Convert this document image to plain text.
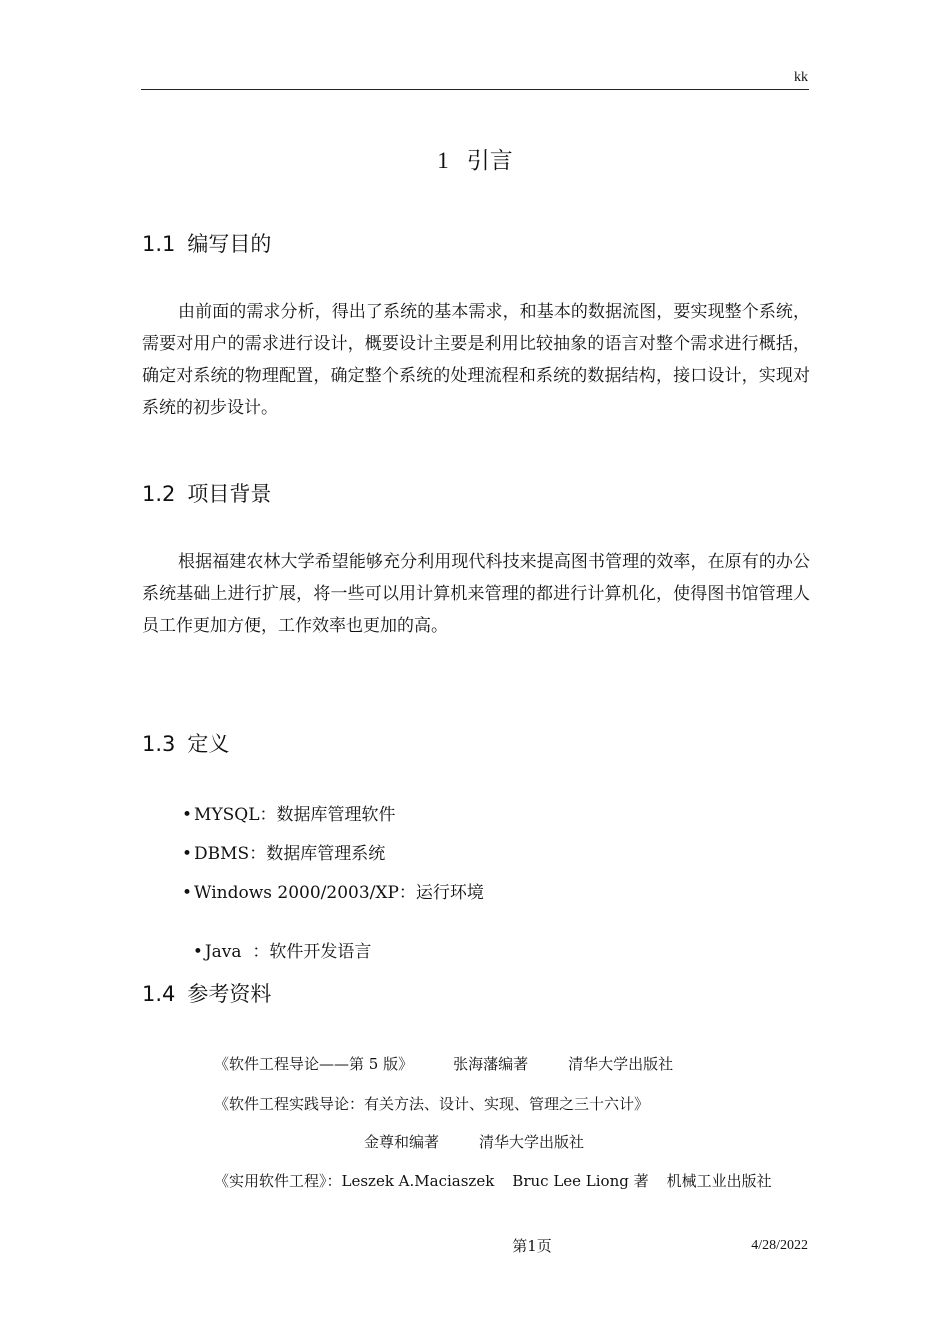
kk
1 引言
1.1 编写目的
由前面的需求分析，得出了系统的基本需求，和基本的数据流图，要实现整个系统，需要对用户的需求进行设计，概要设计主要是利用比较抽象的语言对整个需求进行概括，确定对系统的物理配置，确定整个系统的处理流程和系统的数据结构，接口设计，实现对系统的初步设计。
1.2 项目背景
根据福建农林大学希望能够充分利用现代科技来提高图书管理的效率，在原有的办公系统基础上进行扩展，将一些可以用计算机来管理的都进行计算机化，使得图书馆管理人员工作更加方便，工作效率也更加的高。
1.3 定义
• MYSQL：数据库管理软件
• DBMS：数据库管理系统
• Windows 2000/2003/XP：运行环境

• Java  ：软件开发语言

1.4 参考资料
《软件工程导论——第 5 版》	张海藩编著	清华大学出版社
《软件工程实践导论：有关方法、设计、实现、管理之三十六计》
金尊和编著	清华大学出版社
《实用软件工程》：Leszek A.Maciaszek Bruc Lee Liong 著 机械工业出版社
第1页	4/28/2022
